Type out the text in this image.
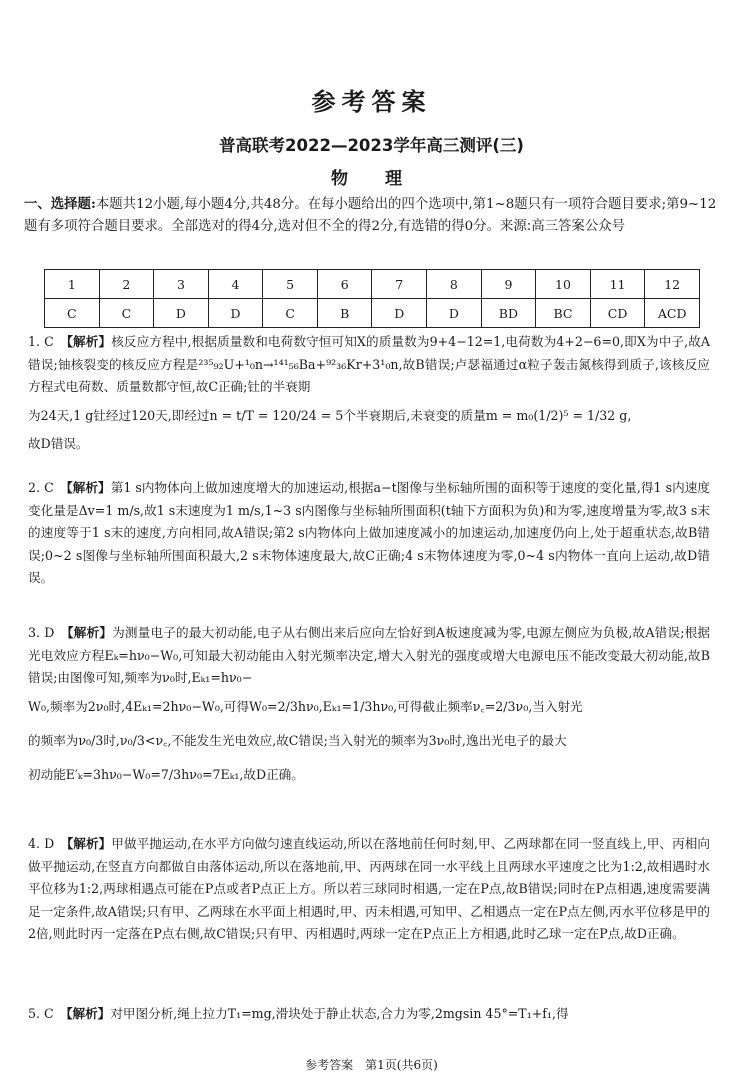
参考答案
普高联考2022—2023学年高三测评(三)
物　理
一、选择题:本题共12小题,每小题4分,共48分。在每小题给出的四个选项中,第1~8题只有一项符合题目要求;第9~12题有多项符合题目要求。全部选对的得4分,选对但不全的得2分,有选错的得0分。来源:高三答案公众号
1	2	3	4	5	6	7	8	9	10	11	12
C	C	D	D	C	B	D	D	BD	BC	CD	ACD

1. C　 【解析】核反应方程中,根据质量数和电荷数守恒可知X的质量数为9+4−12=1,电荷数为4+2−6=0,即X为中子,故A错误;铀核裂变的核反应方程是²³⁵₉₂U+¹₀n→¹⁴¹₅₆Ba+⁹²₃₆Kr+3¹₀n,故B错误;卢瑟福通过α粒子轰击氮核得到质子,该核反应方程式电荷数、质量数都守恒,故C正确;钍的半衰期

为24天,1 g钍经过120天,即经过n = t/T = 120/24 = 5个半衰期后,未衰变的质量m = m₀(1/2)⁵ = 1/32 g,

故D错误。

2. C　 【解析】第1 s内物体向上做加速度增大的加速运动,根据a−t图像与坐标轴所围的面积等于速度的变化量,得1 s内速度变化量是Δv=1 m/s,故1 s末速度为1 m/s,1~3 s内图像与坐标轴所围面积(t轴下方面积为负)和为零,速度增量为零,故3 s末的速度等于1 s末的速度,方向相同,故A错误;第2 s内物体向上做加速度减小的加速运动,加速度仍向上,处于超重状态,故B错误;0~2 s图像与坐标轴所围面积最大,2 s末物体速度最大,故C正确;4 s末物体速度为零,0~4 s内物体一直向上运动,故D错误。

3. D　 【解析】为测量电子的最大初动能,电子从右侧出来后应向左恰好到A板速度减为零,电源左侧应为负极,故A错误;根据光电效应方程Eₖ=hν₀−W₀,可知最大初动能由入射光频率决定,增大入射光的强度或增大电源电压不能改变最大初动能,故B错误;由图像可知,频率为ν₀时,Eₖ₁=hν₀−

W₀,频率为2ν₀时,4Eₖ₁=2hν₀−W₀,可得W₀=2/3hν₀,Eₖ₁=1/3hν₀,可得截止频率ν꜀=2/3ν₀,当入射光

的频率为ν₀/3时,ν₀/3<ν꜀,不能发生光电效应,故C错误;当入射光的频率为3ν₀时,逸出光电子的最大

初动能E′ₖ=3hν₀−W₀=7/3hν₀=7Eₖ₁,故D正确。

4. D　 【解析】甲做平抛运动,在水平方向做匀速直线运动,所以在落地前任何时刻,甲、乙两球都在同一竖直线上,甲、丙相向做平抛运动,在竖直方向都做自由落体运动,所以在落地前,甲、丙两球在同一水平线上且两球水平速度之比为1:2,故相遇时水平位移为1:2,两球相遇点可能在P点或者P点正上方。所以若三球同时相遇,一定在P点,故B错误;同时在P点相遇,速度需要满足一定条件,故A错误;只有甲、乙两球在水平面上相遇时,甲、丙未相遇,可知甲、乙相遇点一定在P点左侧,丙水平位移是甲的2倍,则此时丙一定落在P点右侧,故C错误;只有甲、丙相遇时,两球一定在P点正上方相遇,此时乙球一定在P点,故D正确。

5. C　 【解析】对甲图分析,绳上拉力T₁=mg,滑块处于静止状态,合力为零,2mgsin 45°=T₁+f₁,得

参考答案　第1页(共6页)
